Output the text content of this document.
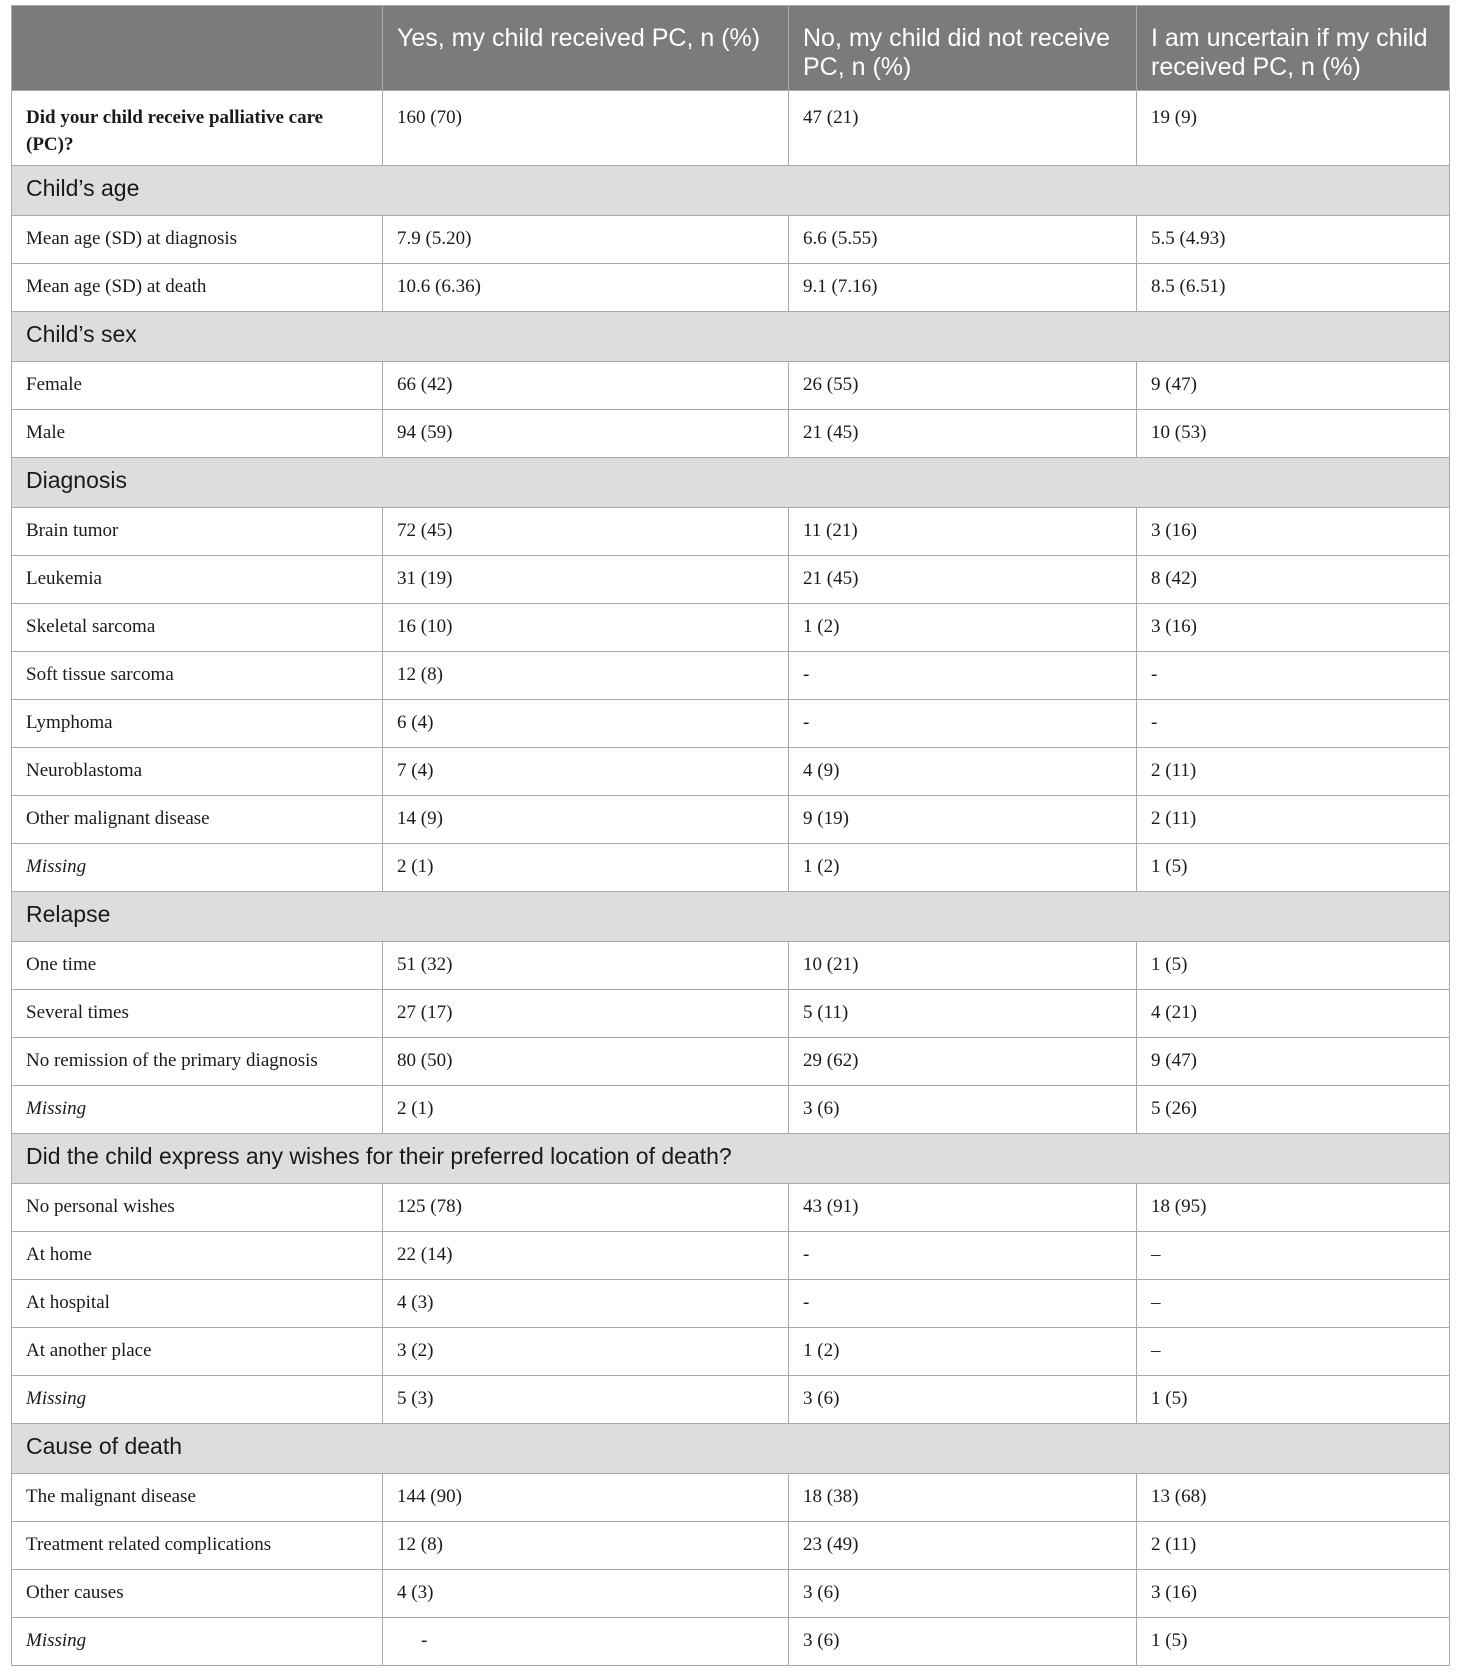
	Yes, my child received PC, n (%)	No, my child did not receive PC, n (%)	I am uncertain if my child received PC, n (%)
Did your child receive palliative care (PC)?	160 (70)	47 (21)	19 (9)
Child’s age			
Mean age (SD) at diagnosis	7.9 (5.20)	6.6 (5.55)	5.5 (4.93)
Mean age (SD) at death	10.6 (6.36)	9.1 (7.16)	8.5 (6.51)
Child’s sex			
Female	66 (42)	26 (55)	9 (47)
Male	94 (59)	21 (45)	10 (53)
Diagnosis			
Brain tumor	72 (45)	11 (21)	3 (16)
Leukemia	31 (19)	21 (45)	8 (42)
Skeletal sarcoma	16 (10)	1 (2)	3 (16)
Soft tissue sarcoma	12 (8)	-	-
Lymphoma	6 (4)	-	-
Neuroblastoma	7 (4)	4 (9)	2 (11)
Other malignant disease	14 (9)	9 (19)	2 (11)
Missing	2 (1)	1 (2)	1 (5)
Relapse			
One time	51 (32)	10 (21)	1 (5)
Several times	27 (17)	5 (11)	4 (21)
No remission of the primary diagnosis	80 (50)	29 (62)	9 (47)
Missing	2 (1)	3 (6)	5 (26)
Did the child express any wishes for their preferred location of death?			
No personal wishes	125 (78)	43 (91)	18 (95)
At home	22 (14)	-	–
At hospital	4 (3)	-	–
At another place	3 (2)	1 (2)	–
Missing	5 (3)	3 (6)	1 (5)
Cause of death			
The malignant disease	144 (90)	18 (38)	13 (68)
Treatment related complications	12 (8)	23 (49)	2 (11)
Other causes	4 (3)	3 (6)	3 (16)
Missing	-	3 (6)	1 (5)
